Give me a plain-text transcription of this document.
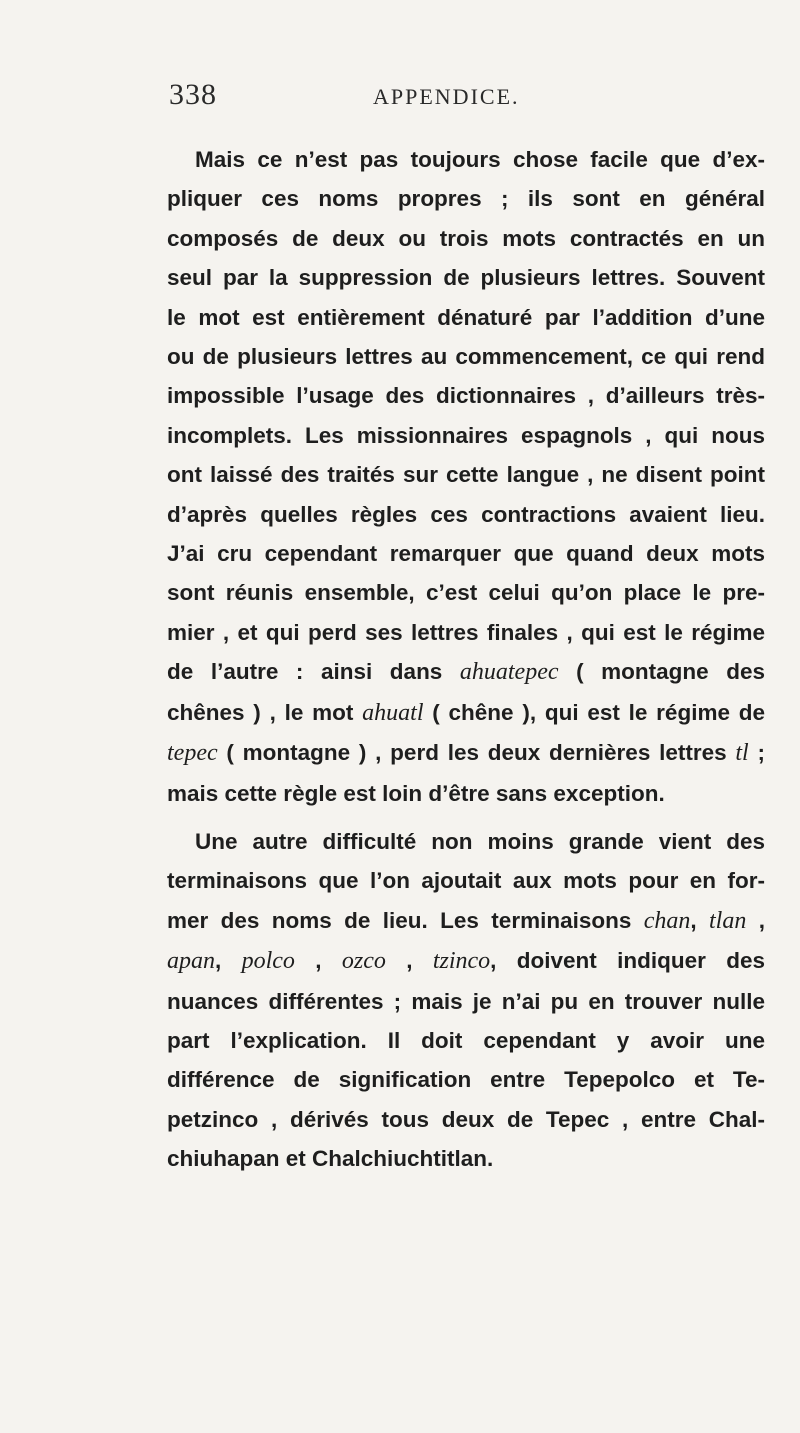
338	APPENDICE.
Mais ce n’est pas toujours chose facile que d’ex-
pliquer ces noms propres ; ils sont en général
composés de deux ou trois mots contractés en un
seul par la suppression de plusieurs lettres. Souvent
le mot est entièrement dénaturé par l’addition d’une
ou de plusieurs lettres au commencement, ce qui rend
impossible l’usage des dictionnaires , d’ailleurs très-
incomplets. Les missionnaires espagnols , qui nous
ont laissé des traités sur cette langue , ne disent point
d’après quelles règles ces contractions avaient lieu.
J’ai cru cependant remarquer que quand deux mots
sont réunis ensemble, c’est celui qu’on place le pre-
mier , et qui perd ses lettres finales , qui est le régime
de l’autre : ainsi dans ahuatepec ( montagne des
chênes ) , le mot ahuatl ( chêne ), qui est le régime de
tepec ( montagne ) , perd les deux dernières lettres tl ;
mais cette règle est loin d’être sans exception.
Une autre difficulté non moins grande vient des
terminaisons que l’on ajoutait aux mots pour en for-
mer des noms de lieu. Les terminaisons chan, tlan ,
apan, polco , ozco , tzinco, doivent indiquer des
nuances différentes ; mais je n’ai pu en trouver nulle
part l’explication. Il doit cependant y avoir une
différence de signification entre Tepepolco et Te-
petzinco , dérivés tous deux de Tepec , entre Chal-
chiuhapan et Chalchiuchtitlan.
